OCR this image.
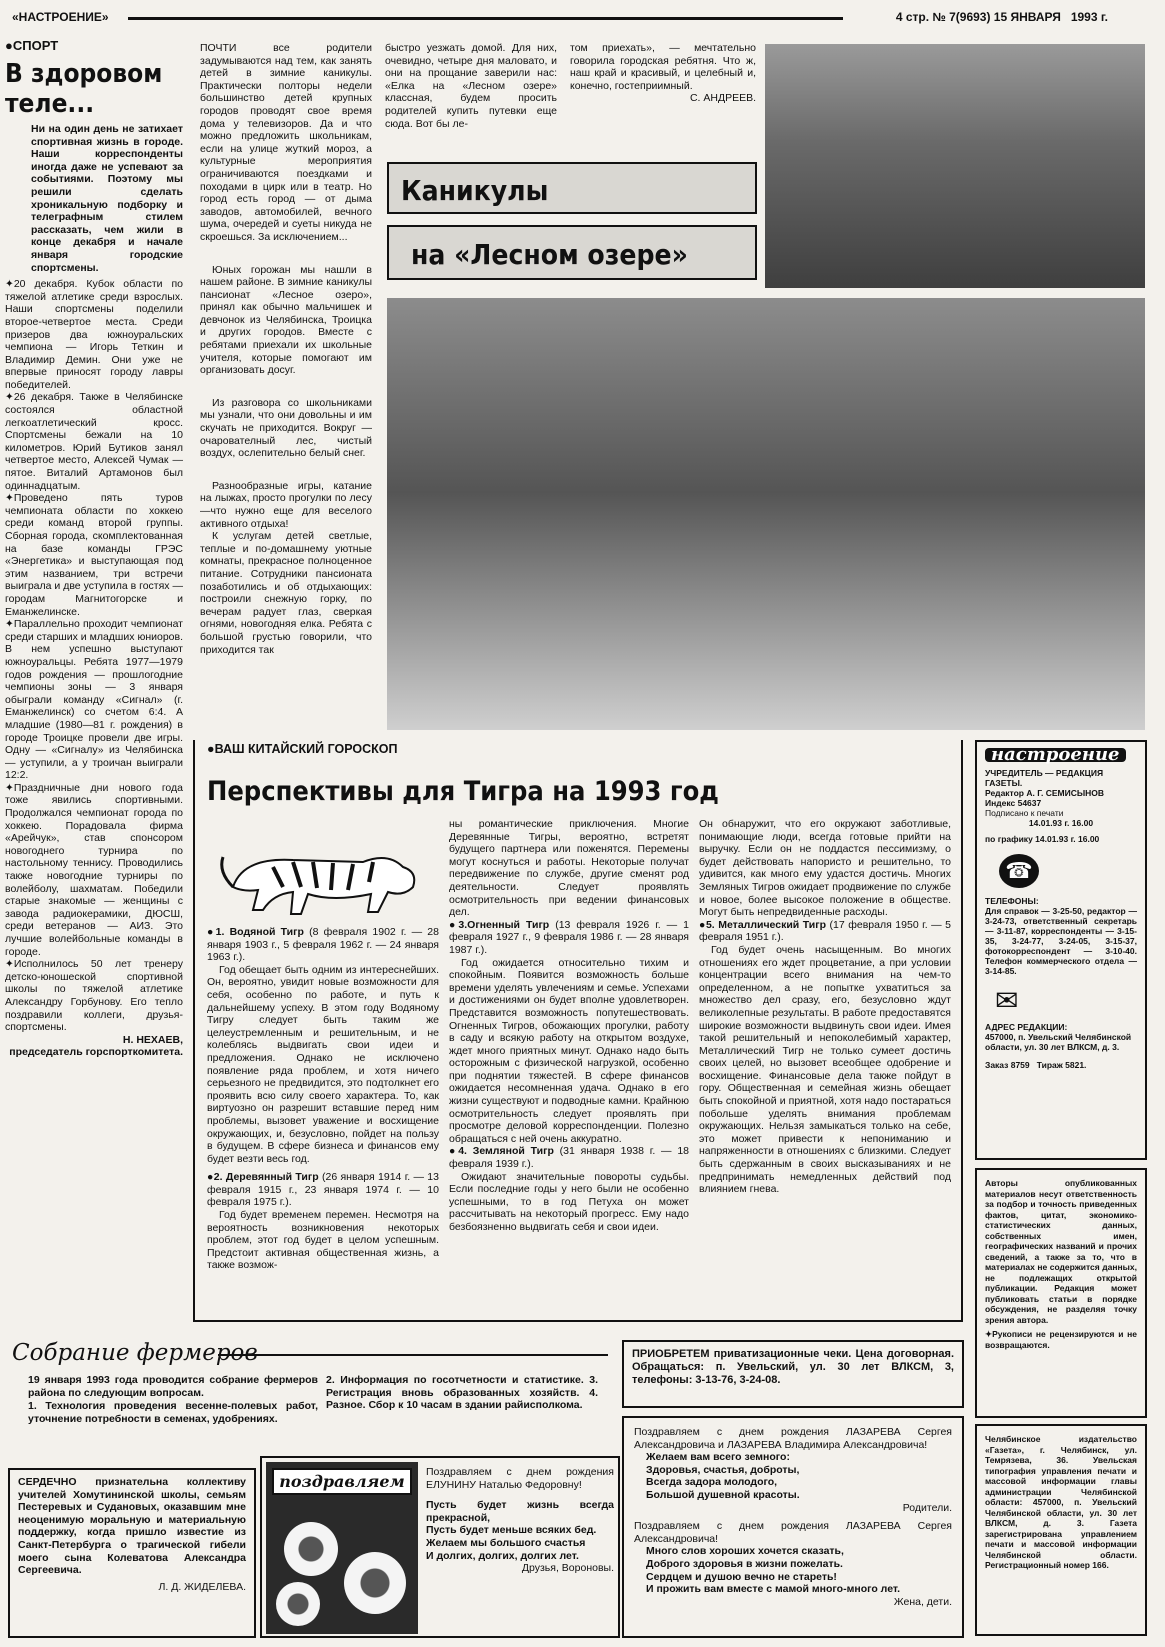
«НАСТРОЕНИЕ»	4 стр. № 7(9693) 15 ЯНВАРЯ   1993 г.
● СПОРТ
В здоровом теле...
Ни на один день не затихает спортивная жизнь в городе. Наши корреспонденты иногда даже не успевают за событиями. Поэтому мы решили сделать хроникальную подборку и телеграфным стилем рассказать, чем жили в конце декабря и начале января городские спортсмены.
✦ 20 декабря. Кубок области по тяжелой атлетике среди взрослых. Наши спортсмены поделили второе-четвертое места. Среди призеров два южноуральских чемпиона — Игорь Теткин и Владимир Демин. Они уже не впервые приносят городу лавры победителей.
✦ 26 декабря. Также в Челябинске состоялся областной легкоатлетический кросс. Спортсмены бежали на 10 километров. Юрий Бутиков занял четвертое место, Алексей Чумак — пятое. Виталий Артамонов был одиннадцатым.
✦ Проведено пять туров чемпионата области по хоккею среди команд второй группы. Сборная города, скомплектованная на базе команды ГРЭС «Энергетика» и выступающая под этим названием, три встречи выиграла и две уступила в гостях — городам Магнитогорске и Еманжелинске.
✦ Параллельно проходит чемпионат среди старших и младших юниоров. В нем успешно выступают южноуральцы. Ребята 1977—1979 годов рождения — прошлогодние чемпионы зоны — 3 января обыграли команду «Сигнал» (г. Еманжелинск) со счетом 6:4. А младшие (1980—81 г. рождения) в городе Троицке провели две игры. Одну — «Сигналу» из Челябинска — уступили, а у троичан выиграли 12:2.
✦ Праздничные дни нового года тоже явились спортивными. Продолжался чемпионат города по хоккею. Порадовала фирма «Арейчук», став спонсором новогоднего турнира по настольному теннису. Проводились также новогодние турниры по волейболу, шахматам. Победили старые знакомые — женщины с завода радиокерамики, ДЮСШ, среди ветеранов — АИЗ. Это лучшие волейбольные команды в городе.
✦ Исполнилось 50 лет тренеру детско-юношеской спортивной школы по тяжелой атлетике Александру Горбунову. Его тепло поздравили коллеги, друзья-спортсмены.
Н. НЕХАЕВ,
председатель горспорткомитета.

ПОЧТИ все родители задумываются над тем, как занять детей в зимние каникулы. Практически полторы недели большинство детей крупных городов проводят свое время дома у телевизоров. Да и что можно предложить школьникам, если на улице жуткий мороз, а культурные мероприятия ограничиваются поездками и походами в цирк или в театр. Но город есть город — от дыма заводов, автомобилей, вечного шума, очередей и суеты никуда не скроешься. За исключением...

Юных горожан мы нашли в нашем районе. В зимние каникулы пансионат «Лесное озеро», принял как обычно мальчишек и девчонок из Челябинска, Троицка и других городов. Вместе с ребятами приехали их школьные учителя, которые помогают им организовать досуг.

Из разговора со школьниками мы узнали, что они довольны и им скучать не приходится. Вокруг — очарователный лес, чистый воздух, ослепительно белый снег.

Разнообразные игры, катание на лыжах, просто прогулки по лесу—что нужно еще для веселого активного отдыха!

К услугам детей светлые, теплые и по-домашнему уютные комнаты, прекрасное полноценное питание. Сотрудники пансионата позаботились и об отдыхающих: построили снежную горку, по вечерам радует глаз, сверкая огнями, новогодняя елка. Ребята с большой грустью говорили, что приходится так

быстро уезжать домой. Для них, очевидно, четыре дня маловато, и они на прощание заверили нас: «Елка на «Лесном озере» классная, будем просить родителей купить путевки еще сюда. Вот бы ле-
том приехать», — мечтательно говорила городская ребятня. Что ж, наш край и красивый, и целебный и, конечно, гостеприимный.
С. АНДРЕЕВ.
Каникулы
на «Лесном озере»
● ВАШ КИТАЙСКИЙ ГОРОСКОП
Перспективы для Тигра на 1993 год
● 1. Водяной Тигр (8 февраля 1902 г. — 28 января 1903 г., 5 февраля 1962 г. — 24 января 1963 г.).

Год обещает быть одним из интереснейших. Он, вероятно, увидит новые возможности для себя, особенно по работе, и путь к дальнейшему успеху. В этом году Водяному Тигру следует быть таким же целеустремленным и решительным, и не колеблясь выдвигать свои идеи и предложения. Однако не исключено появление ряда проблем, и хотя ничего серьезного не предвидится, это подтолкнет его проявить всю силу своего характера. То, как виртуозно он разрешит вставшие перед ним проблемы, вызовет уважение и восхищение окружающих, и, безусловно, пойдет на пользу в будущем. В сфере бизнеса и финансов ему будет везти весь год.

● 2. Деревянный Тигр (26 января 1914 г. — 13 февраля 1915 г., 23 января 1974 г. — 10 февраля 1975 г.).

Год будет временем перемен. Несмотря на вероятность возникновения некоторых проблем, этот год будет в целом успешным. Предстоит активная общественная жизнь, а также возмож-

ны романтические приключения. Многие Деревянные Тигры, вероятно, встретят будущего партнера или поженятся. Перемены могут коснуться и работы. Некоторые получат передвижение по службе, другие сменят род деятельности. Следует проявлять осмотрительность при ведении финансовых дел.

● 3.Огненный Тигр (13 февраля 1926 г. — 1 февраля 1927 г., 9 февраля 1986 г. — 28 января 1987 г.).

Год ожидается относительно тихим и спокойным. Появится возможность больше времени уделять увлечениям и семье. Успехами и достижениями он будет вполне удовлетворен. Представится возможность попутешествовать. Огненных Тигров, обожающих прогулки, работу в саду и всякую работу на открытом воздухе, ждет много приятных минут. Однако надо быть осторожным с физической нагрузкой, особенно при поднятии тяжестей. В сфере финансов ожидается несомненная удача. Однако в его жизни существуют и подводные камни. Крайнюю осмотрительность следует проявлять при просмотре деловой корреспонденции. Полезно обращаться с ней очень аккуратно.

● 4. Земляной Тигр (31 января 1938 г. — 18 февраля 1939 г.).

Ожидают значительные повороты судьбы. Если последние годы у него были не особенно успешными, то в год Петуха он может рассчитывать на некоторый прогресс. Ему надо безбоязненно выдвигать себя и свои идеи.

Он обнаружит, что его окружают заботливые, понимающие люди, всегда готовые прийти на выручку. Если он не поддастся пессимизму, о будет действовать напористо и решительно, то удивится, как много ему удастся достичь. Многих Земляных Тигров ожидает продвижение по службе и новое, более высокое положение в обществе. Могут быть непредвиденные расходы.

● 5. Металлический Тигр (17 февраля 1950 г. — 5 февраля 1951 г.).

Год будет очень насыщенным. Во многих отношениях его ждет процветание, а при условии концентрации всего внимания на чем-то определенном, а не попытке ухватиться за множество дел сразу, его, безусловно ждут великолепные результаты. В работе предоставятся широкие возможности выдвинуть свои идеи. Имея такой решительный и непоколебимый характер, Металлический Тигр не только сумеет достичь своих целей, но вызовет всеобщее одобрение и восхищение. Финансовые дела также пойдут в гору. Общественная и семейная жизнь обещает быть спокойной и приятной, хотя надо постараться побольше уделять внимания проблемам окружающих. Нельзя замыкаться только на себе, это может привести к непониманию и напряженности в отношениях с близкими. Следует быть сдержанным в своих высказываниях и не предпринимать немедленных действий под влиянием гнева.

настроение
УЧРЕДИТЕЛЬ — РЕДАКЦИЯ ГАЗЕТЫ.
Редактор А. Г. СЕМИСЫНОВ
Индекс 54637
Подписано к печати
14.01.93 г. 16.00
по графику 14.01.93 г. 16.00
☎
ТЕЛЕФОНЫ:
Для справок — 3-25-50, редактор — 3-24-73, ответственный секретарь — 3-11-87, корреспонденты — 3-15-35, 3-24-77, 3-24-05, 3-15-37, фотокорреспондент — 3-10-40. Телефон коммерческого отдела — 3-14-85.
✉
АДРЕС РЕДАКЦИИ:
457000, п. Увельский Челябинской области, ул. 30 лет ВЛКСМ, д. 3.
Заказ 8759 Тираж 5821.
Авторы опубликованных материалов несут ответственность за подбор и точность приведенных фактов, цитат, экономико-статистических данных, собственных имен, географических названий и прочих сведений, а также за то, что в материалах не содержится данных, не подлежащих открытой публикации. Редакция может публиковать статьи в порядке обсуждения, не разделяя точку зрения автора.
✦ Рукописи не рецензируются и не возвращаются.
Челябинское издательство «Газета», г. Челябинск, ул. Темрязева, 36. Увельская типография управления печати и массовой информации главы администрации Челябинской области: 457000, п. Увельский Челябинской области, ул. 30 лет ВЛКСМ, д. 3. Газета зарегистрирована управлением печати и массовой информации Челябинской области. Регистрационный номер 166.
Собрание фермеров
19 января 1993 года проводится собрание фермеров района по следующим вопросам.
1. Технология проведения весенне-полевых работ, уточнение потребности в семенах, удобрениях.
2. Информация по госотчетности и статистике. 3. Регистрация вновь образованных хозяйств. 4. Разное. Сбор к 10 часам в здании райисполкома.
ПРИОБРЕТЕМ приватизационные чеки. Цена договорная. Обращаться: п. Увельский, ул. 30 лет ВЛКСМ, 3, телефоны: 3-13-76, 3-24-08.
СЕРДЕЧНО признательна коллективу учителей Хомутининской школы, семьям Пестеревых и Судановых, оказавшим мне неоценимую моральную и материальную поддержку, когда пришло известие из Санкт-Петербурга о трагической гибели моего сына Колеватова Александра Сергеевича.
Л. Д. ЖИДЕЛЕВА.
поздравляем	Поздравляем с днем рождения ЕЛУНИНУ Наталью Федоровну!
Пусть будет жизнь всегда прекрасной,
Пусть будет меньше всяких бед.
Желаем мы большого счастья
И долгих, долгих, долгих лет.
Друзья, Вороновы.
Поздравляем с днем рождения ЛАЗАРЕВА Сергея Александровича и ЛАЗАРЕВА Владимира Александровича!
Желаем вам всего земного:
Здоровья, счастья, доброты,
Всегда задора молодого,
Большой душевной красоты.
Родители.
Поздравляем с днем рождения ЛАЗАРЕВА Сергея Александровича!
Много слов хороших хочется сказать,
Доброго здоровья в жизни пожелать.
Сердцем и душою вечно не стареть!
И прожить вам вместе с мамой много-много лет.
Жена, дети.
